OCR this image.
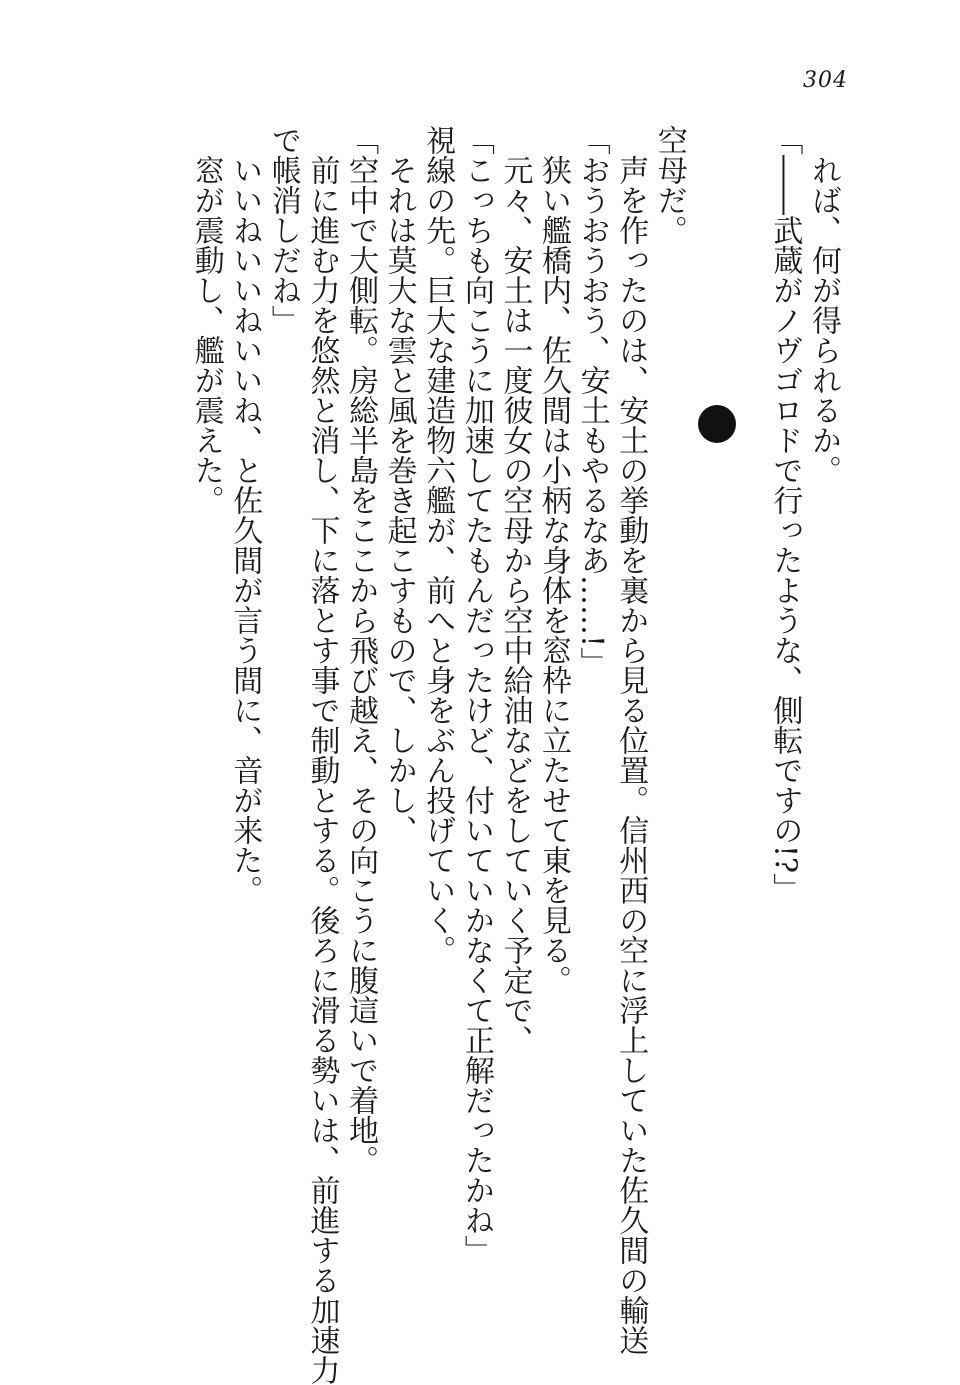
304
れば、何が得られるか。
「――武蔵がノヴゴロドで行ったような、側転ですの!?」
空母だ。
声を作ったのは、安土の挙動を裏から見る位置。信州西の空に浮上していた佐久間の輸送
「おうおうおう、安土もやるなあ……!」
狭い艦橋内、佐久間は小柄な身体を窓枠に立たせて東を見る。
元々、安土は一度彼女の空母から空中給油などをしていく予定で、
「こっちも向こうに加速してたもんだったけど、付いていかなくて正解だったかね」
視線の先。巨大な建造物六艦が、前へと身をぶん投げていく。
それは莫大な雲と風を巻き起こすもので、しかし、
「空中で大側転。房総半島をここから飛び越え、その向こうに腹這いで着地。
前に進む力を悠然と消し、下に落とす事で制動とする。後ろに滑る勢いは、前進する加速力
で帳消しだね」
いいねいいねいいね、と佐久間が言う間に、音が来た。
窓が震動し、艦が震えた。
